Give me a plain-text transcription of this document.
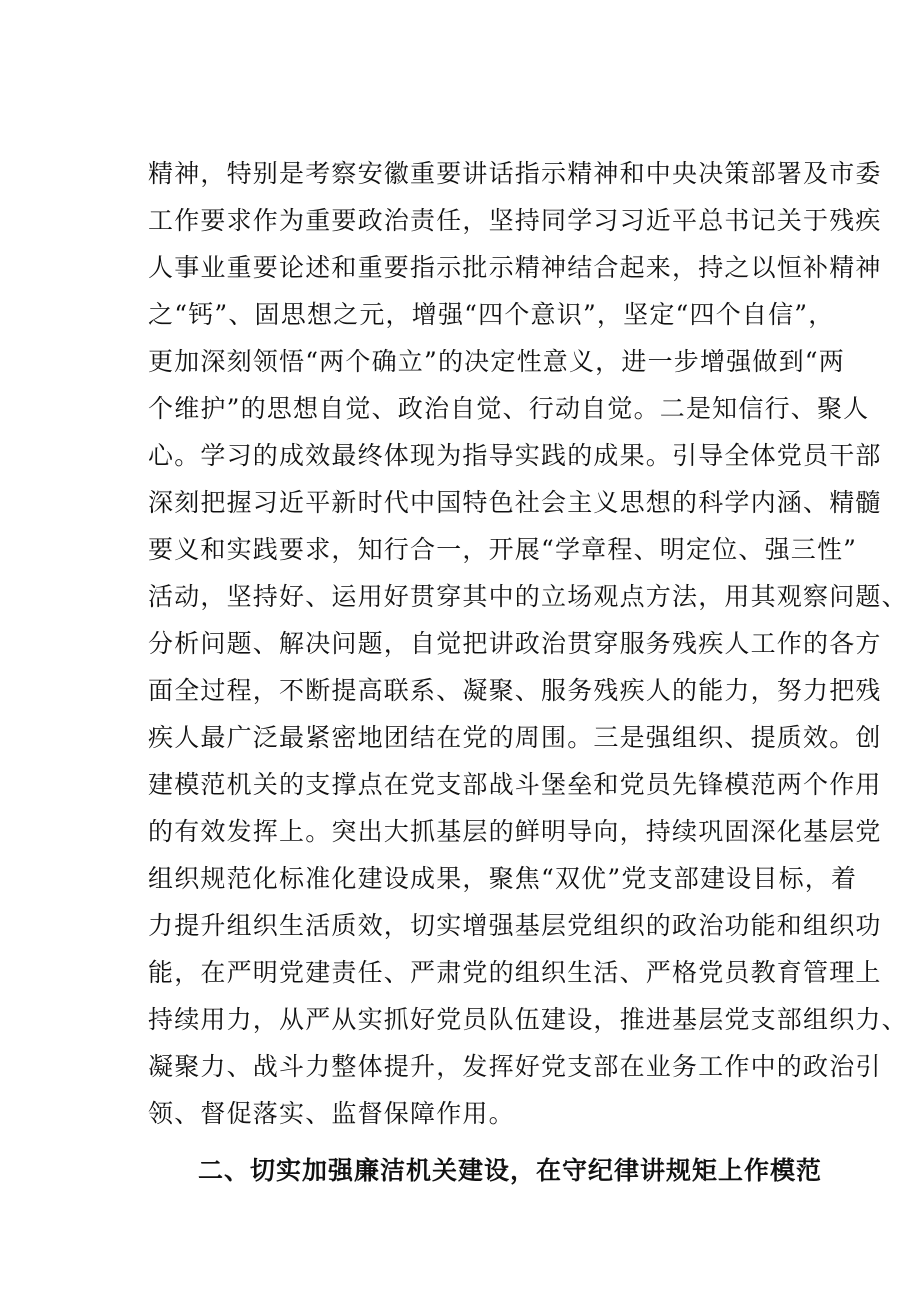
精神，特别是考察安徽重要讲话指示精神和中央决策部署及市委
工作要求作为重要政治责任，坚持同学习习近平总书记关于残疾
人事业重要论述和重要指示批示精神结合起来，持之以恒补精神
之“钙”、固思想之元，增强“四个意识”，坚定“四个自信”，
更加深刻领悟“两个确立”的决定性意义，进一步增强做到“两
个维护”的思想自觉、政治自觉、行动自觉。二是知信行、聚人
心。学习的成效最终体现为指导实践的成果。引导全体党员干部
深刻把握习近平新时代中国特色社会主义思想的科学内涵、精髓
要义和实践要求，知行合一，开展“学章程、明定位、强三性”
活动，坚持好、运用好贯穿其中的立场观点方法，用其观察问题、
分析问题、解决问题，自觉把讲政治贯穿服务残疾人工作的各方
面全过程，不断提高联系、凝聚、服务残疾人的能力，努力把残
疾人最广泛最紧密地团结在党的周围。三是强组织、提质效。创
建模范机关的支撑点在党支部战斗堡垒和党员先锋模范两个作用
的有效发挥上。突出大抓基层的鲜明导向，持续巩固深化基层党
组织规范化标准化建设成果，聚焦“双优”党支部建设目标，着
力提升组织生活质效，切实增强基层党组织的政治功能和组织功
能，在严明党建责任、严肃党的组织生活、严格党员教育管理上
持续用力，从严从实抓好党员队伍建设，推进基层党支部组织力、
凝聚力、战斗力整体提升，发挥好党支部在业务工作中的政治引
领、督促落实、监督保障作用。
二、切实加强廉洁机关建设，在守纪律讲规矩上作模范
